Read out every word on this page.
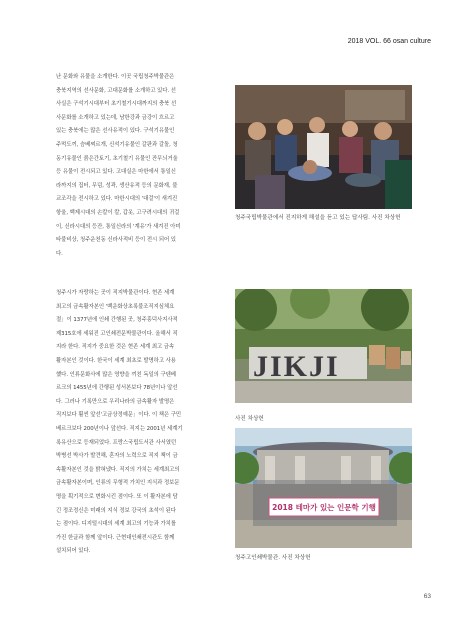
2018 VOL. 66 osan culture
난 문화와 유물을 소개한다. 이곳 국립청주박물관은
충북지역의 선사문화, 고대문화를 소개하고 있다. 선
사실은 구석기시대부터 초기철기시대까지의 충북 선
사문화를 소개하고 있는데, 남한강과 금강이 흐르고
있는 충북에는 많은 선사유적이 있다. 구석기유물인
주먹도끼, 슴베찌르개, 신석기유물인 갈판과 갈돌, 청
동기유물인 붉은간토기, 초기철기 유물인 잔무늬거울
등 유물이 전시되고 있다. 고대실은 마한에서 통일신
라까지의 집터, 무덤, 성곽, 생산유적 등의 문화재, 불
교조각을 전시하고 있다. 마한시대의 '대걸'이 새겨진
항울, 백제시대의 손칼이 칼, 갑옷, 고구려시대의 귀걸
이, 신라시대의 등잔, 통일신라의 '계유'가 새겨진 아미
타불비상, 청주운천동 신라사적비 등이 전시 되어 있
다.
청주시가 자랑하는 곳이 직지박물관이다. 현존 세계
최고의 금속활자본인 '백운화상초록불조직지심체요
절」이 1377년에 인쇄 간행된 곳, 청주흥덕사지사적
제315호에 세워진 고인쇄전문박물관이다. 올해서 직
지라 한다. 직지가 중요한 것은 현존 세계 최고 금속
활자본인 것이다. 한국이 세계 최초로 발명하고 사용
했다. 인류문화사에 많은 영향을 끼친 독일의 구텐베
르크의 1455년에 간행된 성서본보다 78년이나 앞선
다. 그러나 기록만으로 우리나라의 금속활자 발명은
직지보다 훨씬 앞선'고금상정예문」이다. 이 책은 구민
베르크보다 200년이나 앞선다. 직지는 2001년 세계기
록유산으로 등재되었다. 프랑스국립도서관 사서였던
박병선 박사가 발견해, 혼자의 노력으로 직지 책이 금
속활자본인 것을 밝혀냈다. 직지의 가치는 세계최고의
금속활자본이며, 인류의 무형적 가치인 지식과 정보문
명을 획기적으로 변화시킨 점이다. 또 이 활자본에 담
긴 정조정신은 미래의 지식 정보 강국의 초석이 된다
는 점이다. 디지털시대의 세계 최고의 기능과 가치를
가진 한글과 함께 앞이다. 근현대인쇄전시관도 함께
설치되어 있다.
청주국립박물관에서 진지하게 해설을 듣고 있는 답사팀. 사진 차상헌
JIKJI
사진 차상헌
2018 테마가 있는 인문학 기행
청주고인쇄박물관. 사진 차상헌
63
